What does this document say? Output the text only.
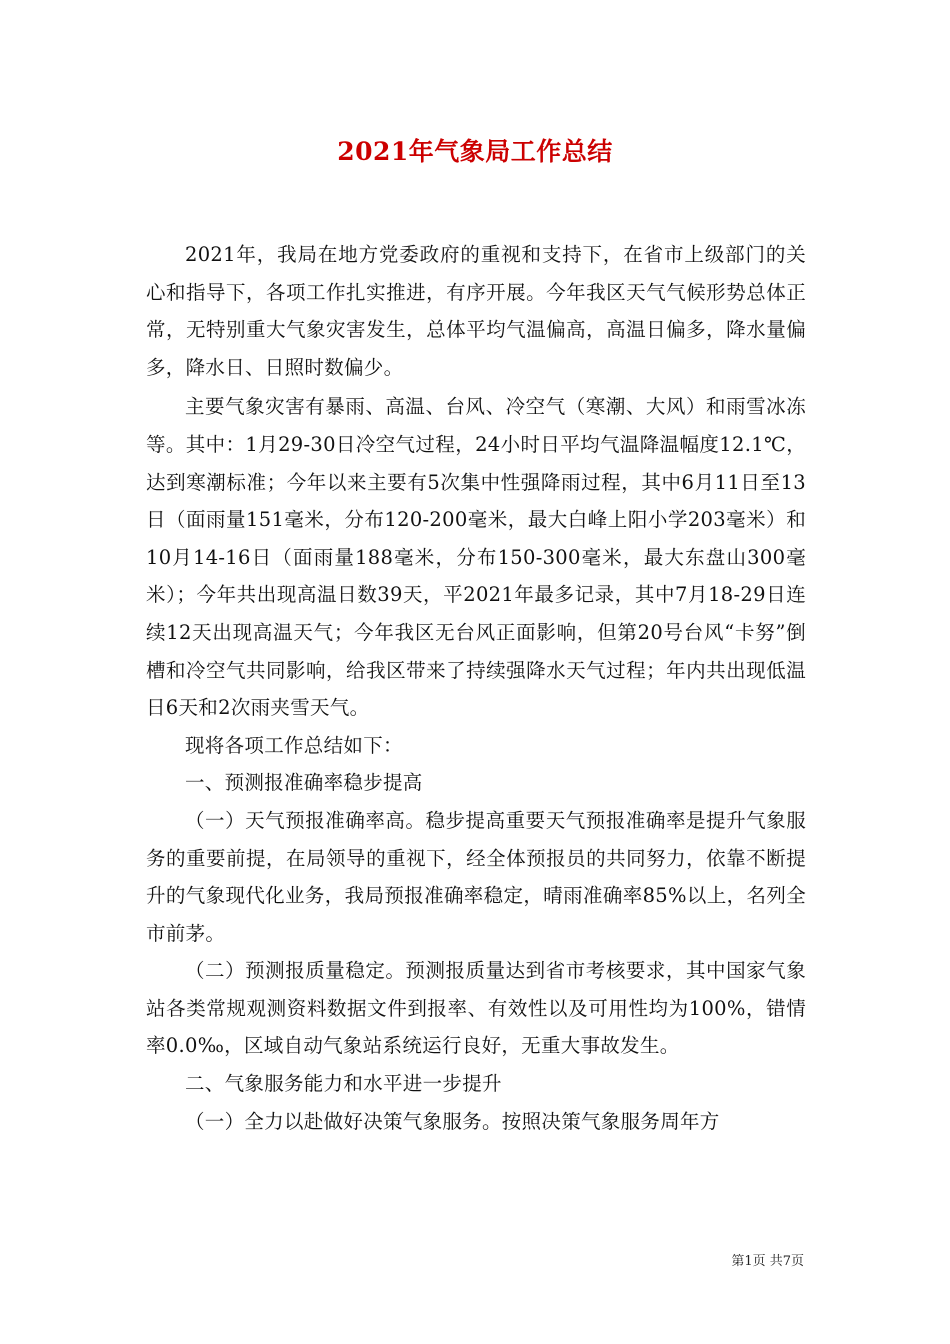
2021年气象局工作总结

2021年，我局在地方党委政府的重视和支持下，在省市上级部门的关心和指导下，各项工作扎实推进，有序开展。今年我区天气气候形势总体正常，无特别重大气象灾害发生，总体平均气温偏高，高温日偏多，降水量偏多，降水日、日照时数偏少。

主要气象灾害有暴雨、高温、台风、冷空气（寒潮、大风）和雨雪冰冻等。其中：1月29-30日冷空气过程，24小时日平均气温降温幅度12.1℃，达到寒潮标准；今年以来主要有5次集中性强降雨过程，其中6月11日至13日（面雨量151毫米，分布120-200毫米，最大白峰上阳小学203毫米）和10月14-16日（面雨量188毫米，分布150-300毫米，最大东盘山300毫米）；今年共出现高温日数39天，平2021年最多记录，其中7月18-29日连续12天出现高温天气；今年我区无台风正面影响，但第20号台风“卡努”倒槽和冷空气共同影响，给我区带来了持续强降水天气过程；年内共出现低温日6天和2次雨夹雪天气。

现将各项工作总结如下：

一、预测报准确率稳步提高

（一）天气预报准确率高。稳步提高重要天气预报准确率是提升气象服务的重要前提，在局领导的重视下，经全体预报员的共同努力，依靠不断提升的气象现代化业务，我局预报准确率稳定，晴雨准确率85%以上，名列全市前茅。

（二）预测报质量稳定。预测报质量达到省市考核要求，其中国家气象站各类常规观测资料数据文件到报率、有效性以及可用性均为100%，错情率0.0‰，区域自动气象站系统运行良好，无重大事故发生。

二、气象服务能力和水平进一步提升

（一）全力以赴做好决策气象服务。按照决策气象服务周年方

第1页 共7页
